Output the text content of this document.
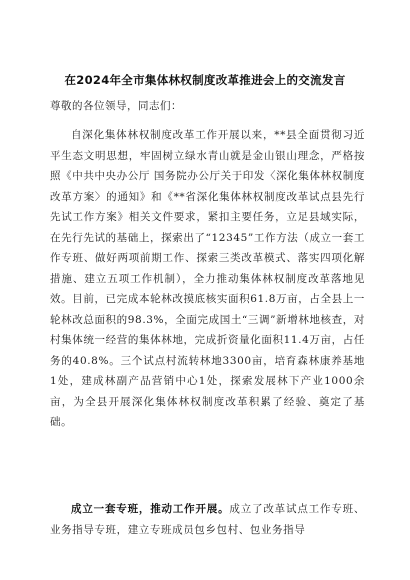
在2024年全市集体林权制度改革推进会上的交流发言

尊敬的各位领导，同志们：

自深化集体林权制度改革工作开展以来，**县全面贯彻习近平生态文明思想，牢固树立绿水青山就是金山银山理念，严格按照《中共中央办公厅 国务院办公厅关于印发〈深化集体林权制度改革方案〉的通知》和《**省深化集体林权制度改革试点县先行先试工作方案》相关文件要求，紧扣主要任务，立足县域实际，在先行先试的基础上，探索出了“12345”工作方法（成立一套工作专班、做好两项前期工作、探索三类改革模式、落实四项化解措施、建立五项工作机制），全力推动集体林权制度改革落地见效。目前，已完成本轮林改摸底核实面积61.8万亩，占全县上一轮林改总面积的98.3%，全面完成国土“三调”新增林地核查，对村集体统一经营的集体林地，完成折资量化面积11.4万亩，占任务的40.8%。三个试点村流转林地3300亩，培育森林康养基地1处，建成林副产品营销中心1处，探索发展林下产业1000余亩，为全县开展深化集体林权制度改革积累了经验、奠定了基础。

成立一套专班，推动工作开展。成立了改革试点工作专班、业务指导专班，建立专班成员包乡包村、包业务指导
